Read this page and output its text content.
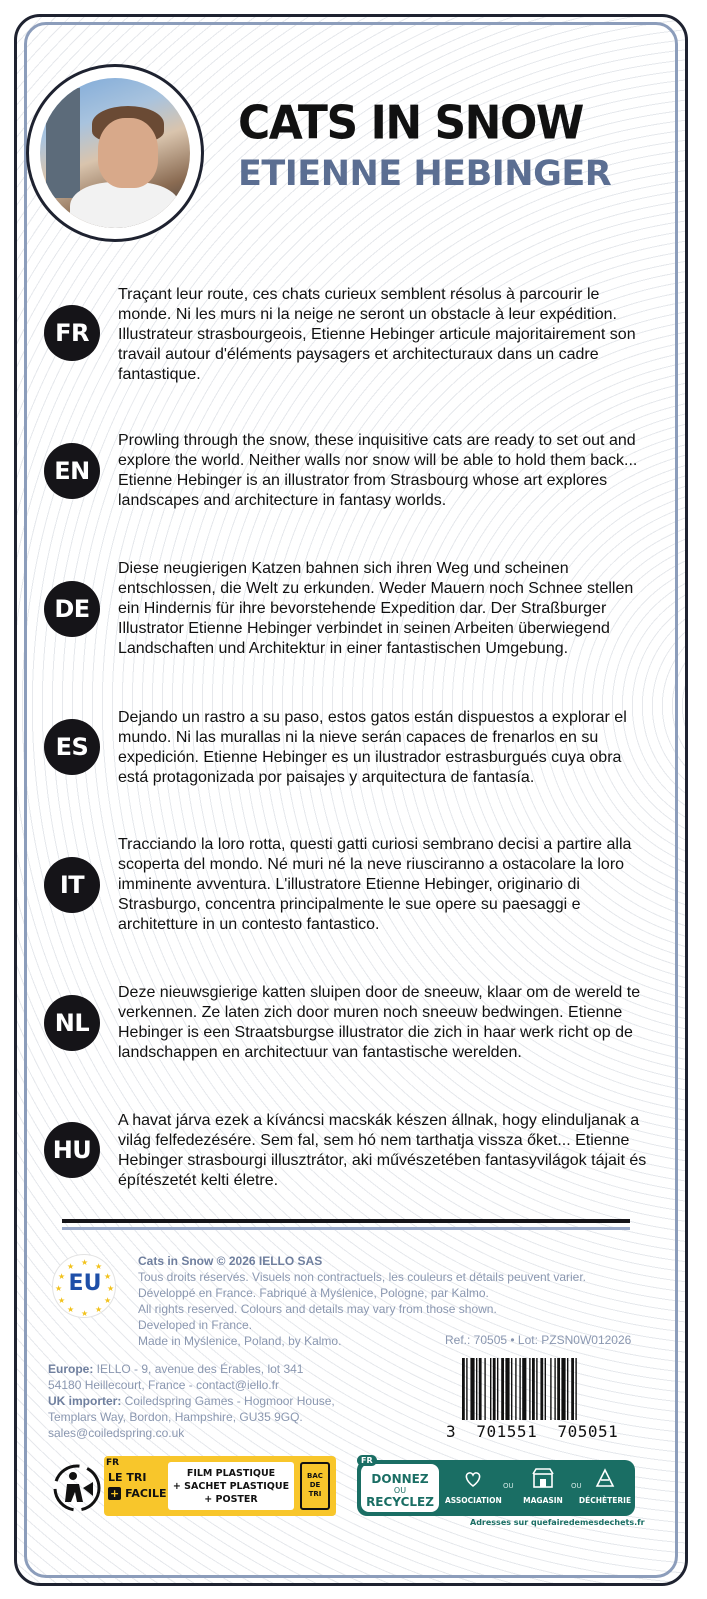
CATS IN SNOW
ETIENNE HEBINGER
FR
Traçant leur route, ces chats curieux semblent résolus à parcourir le monde. Ni les murs ni la neige ne seront un obstacle à leur expédition. Illustrateur strasbourgeois, Etienne Hebinger articule majoritairement son travail autour d'éléments paysagers et architecturaux dans un cadre fantastique.
EN
Prowling through the snow, these inquisitive cats are ready to set out and explore the world. Neither walls nor snow will be able to hold them back... Etienne Hebinger is an illustrator from Strasbourg whose art explores landscapes and architecture in fantasy worlds.
DE
Diese neugierigen Katzen bahnen sich ihren Weg und scheinen entschlossen, die Welt zu erkunden. Weder Mauern noch Schnee stellen ein Hindernis für ihre bevorstehende Expedition dar. Der Straßburger Illustrator Etienne Hebinger verbindet in seinen Arbeiten überwiegend Landschaften und Architektur in einer fantastischen Umgebung.
ES
Dejando un rastro a su paso, estos gatos están dispuestos a explorar el mundo. Ni las murallas ni la nieve serán capaces de frenarlos en su expedición. Etienne Hebinger es un ilustrador estrasburgués cuya obra está protagonizada por paisajes y arquitectura de fantasía.
IT
Tracciando la loro rotta, questi gatti curiosi sembrano decisi a partire alla scoperta del mondo. Né muri né la neve riusciranno a ostacolare la loro imminente avventura. L'illustratore Etienne Hebinger, originario di Strasburgo, concentra principalmente le sue opere su paesaggi e architetture in un contesto fantastico.
NL
Deze nieuwsgierige katten sluipen door de sneeuw, klaar om de wereld te verkennen. Ze laten zich door muren noch sneeuw bedwingen. Etienne Hebinger is een Straatsburgse illustrator die zich in haar werk richt op de landschappen en architectuur van fantastische werelden.
HU
A havat járva ezek a kíváncsi macskák készen állnak, hogy elinduljanak a világ felfedezésére. Sem fal, sem hó nem tarthatja vissza őket... Etienne Hebinger strasbourgi illusztrátor, aki művészetében fantasyvilágok tájait és építészetét kelti életre.
EU
★ ★
★
★
★
★
★
★
★
★
★
★	Cats in Snow © 2026 IELLO SAS
Tous droits réservés. Visuels non contractuels, les couleurs et détails peuvent varier.
Développé en France. Fabriqué à Myślenice, Pologne, par Kalmo.
All rights reserved. Colours and details may vary from those shown.
Developed in France.
Made in Myślenice, Poland, by Kalmo.	Ref.: 70505 • Lot: PZSN0W012026
Europe: IELLO - 9, avenue des Érables, lot 341
54180 Heillecourt, France - contact@iello.fr
UK importer: Coiledspring Games - Hogmoor House,
Templars Way, Bordon, Hampshire, GU35 9GQ.
sales@coiledspring.co.uk	3  701551  705051
FR
LE TRI
+ FACILE
FILM PLASTIQUE
+ SACHET PLASTIQUE
+ POSTER
BAC
DE
TRI
DONNEZ
OU
RECYCLEZ	ASSOCIATION
OU
MAGASIN
OU
DÉCHÈTERIE
FR
Adresses sur quefairedemesdechets.fr
